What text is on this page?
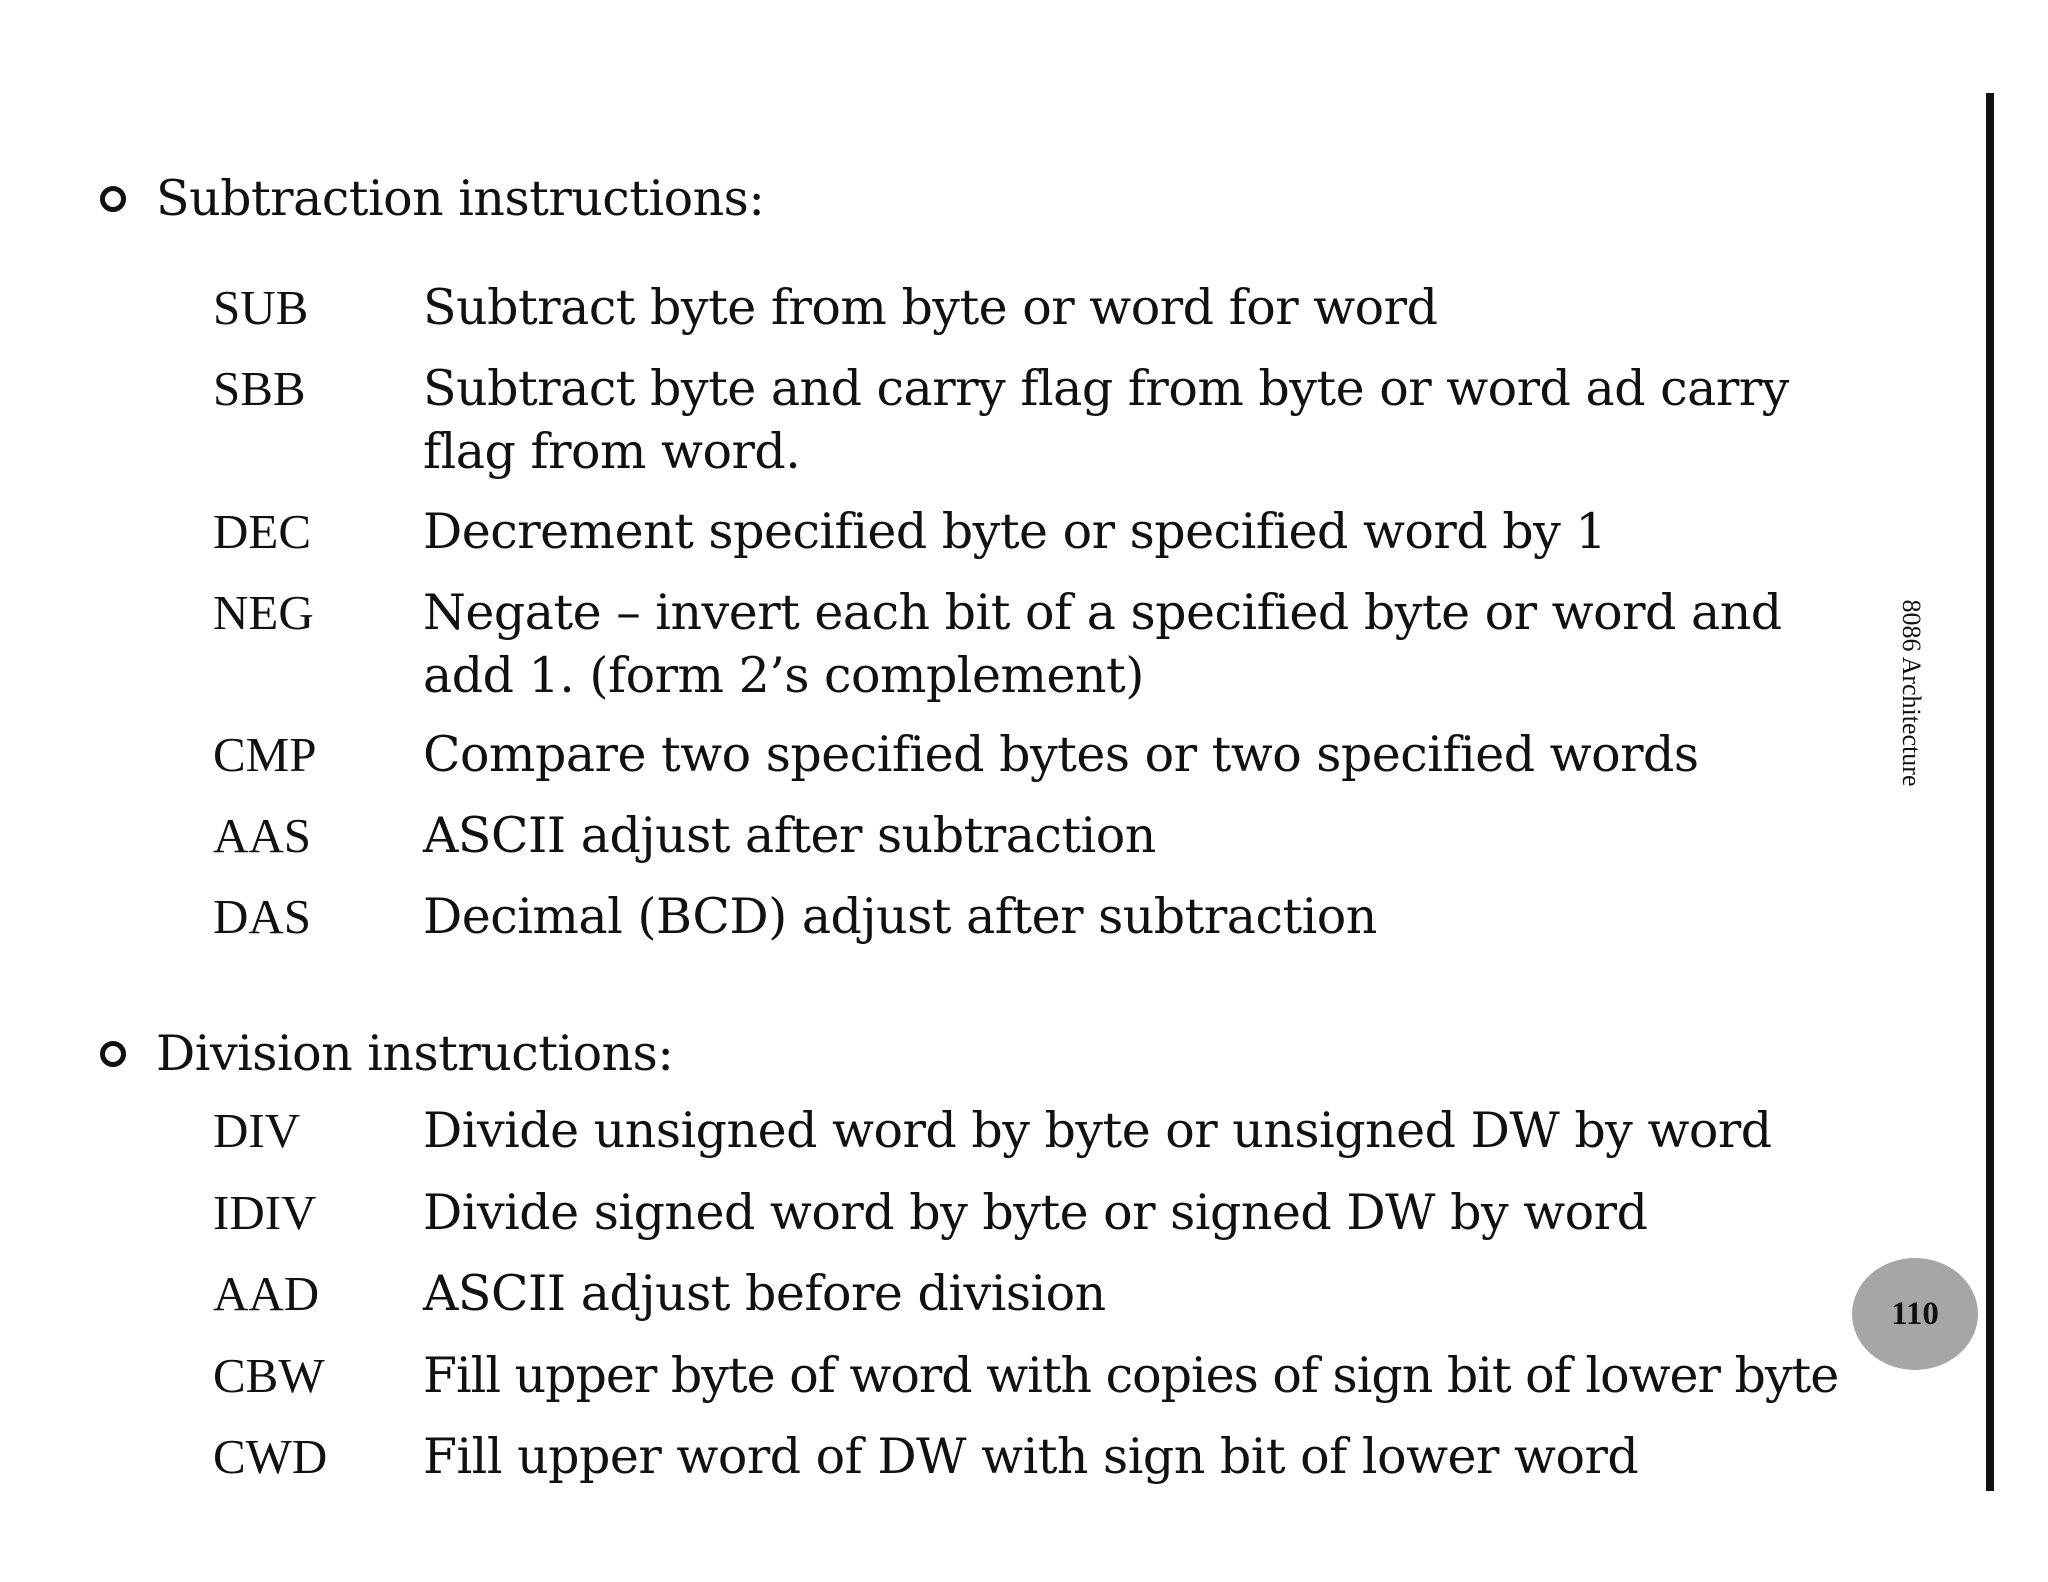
Subtraction instructions:
SUB Subtract byte from byte or word for word
SBB Subtract byte and carry flag from byte or word ad carry flag from word.
DEC Decrement specified byte or specified word by 1
NEG Negate – invert each bit of a specified byte or word and add 1. (form 2’s complement)
CMP Compare two specified bytes or two specified words
AAS ASCII adjust after subtraction
DAS Decimal (BCD) adjust after subtraction
Division instructions:
DIV	Divide unsigned word by byte or unsigned DW by word
IDIV Divide signed word by byte or signed DW by word
AAD ASCII adjust before division
CBW Fill upper byte of word with copies of sign bit of lower byte
CWD Fill upper word of DW with sign bit of lower word
8086 Architecture
110
